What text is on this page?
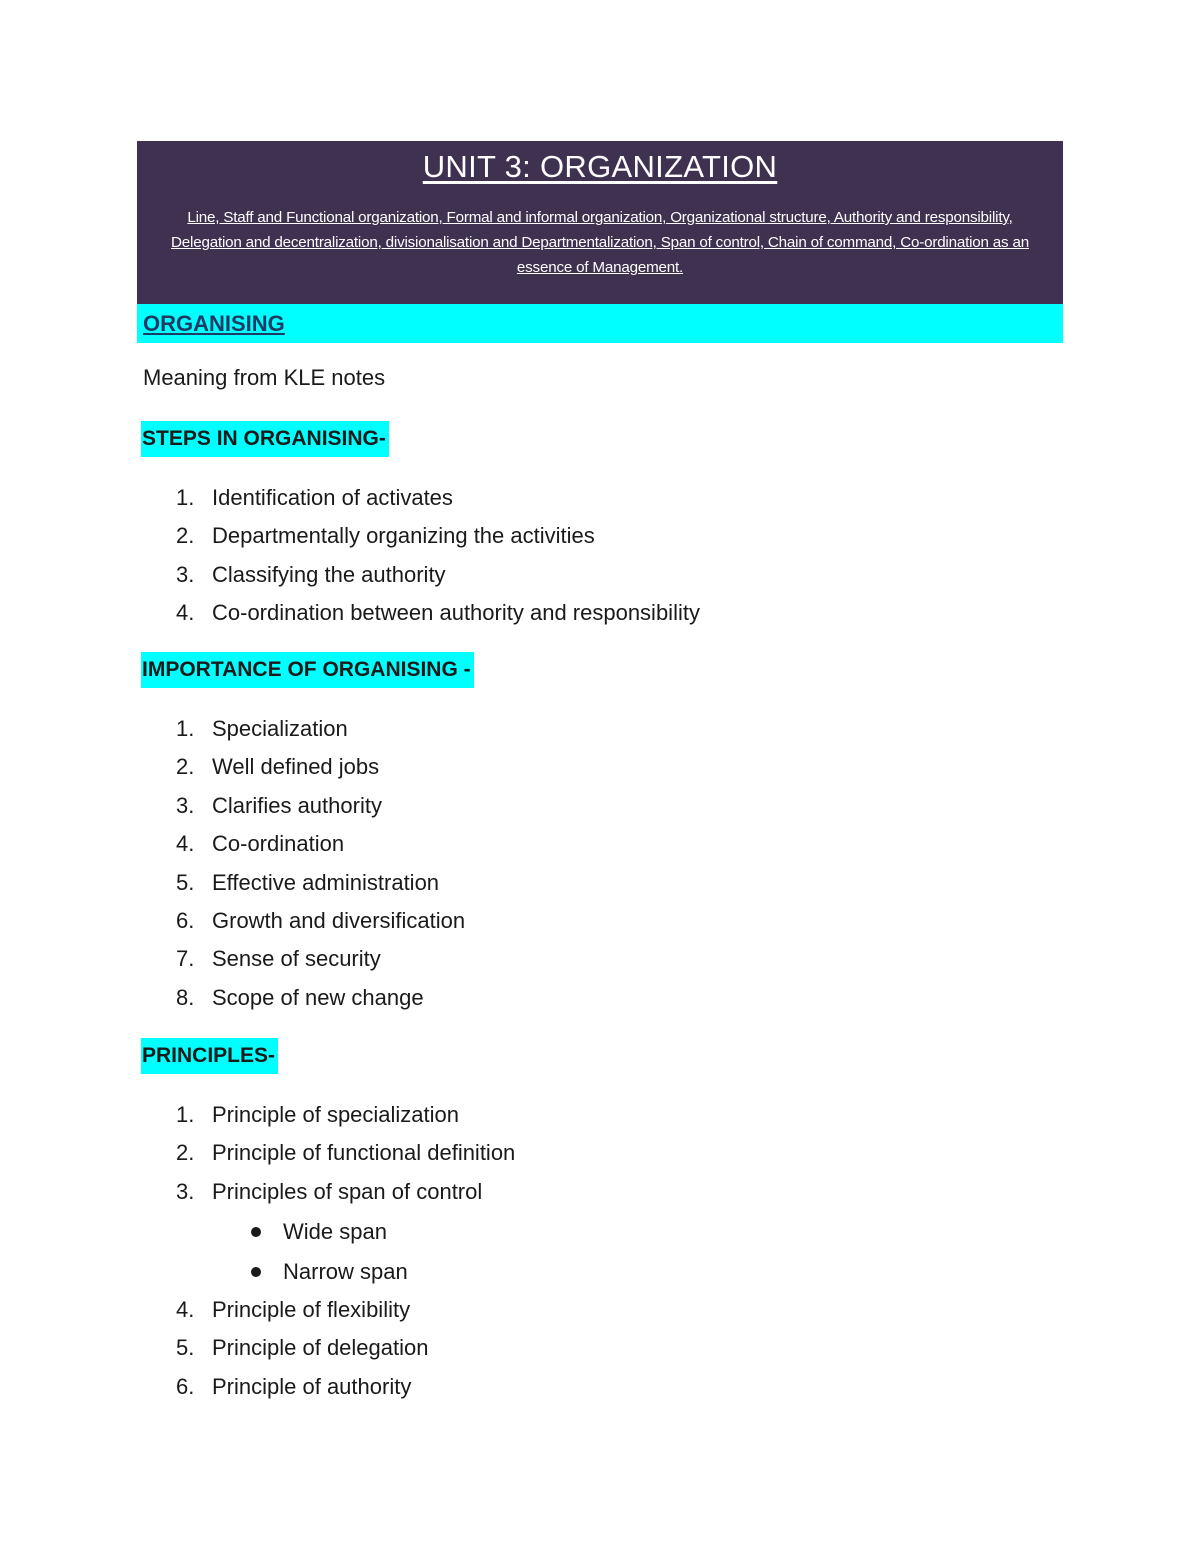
UNIT 3: ORGANIZATION
Line, Staff and Functional organization, Formal and informal organization, Organizational structure, Authority and responsibility, Delegation and decentralization, divisionalisation and Departmentalization, Span of control, Chain of command, Co-ordination as an essence of Management.
ORGANISING
Meaning from KLE notes
STEPS IN ORGANISING-
1. Identification of activates
2. Departmentally organizing the activities
3. Classifying the authority
4. Co-ordination between authority and responsibility
IMPORTANCE OF ORGANISING -
1. Specialization
2. Well defined jobs
3. Clarifies authority
4. Co-ordination
5. Effective administration
6. Growth and diversification
7. Sense of security
8. Scope of new change
PRINCIPLES-
1. Principle of specialization
2. Principle of functional definition
3. Principles of span of control
Wide span
Narrow span
4. Principle of flexibility
5. Principle of delegation
6. Principle of authority
